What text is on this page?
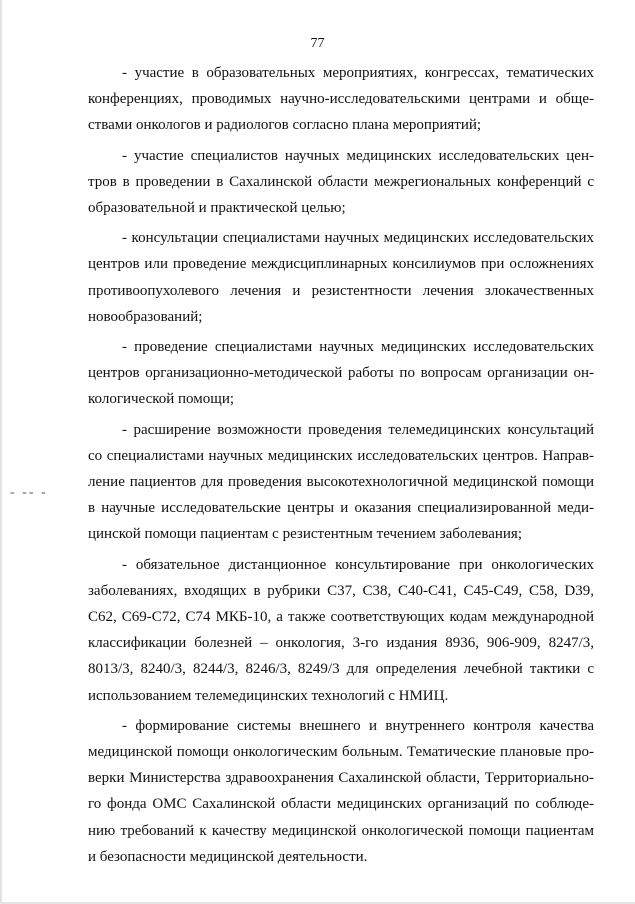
77
- -- -

- участие в образовательных мероприятиях, конгрессах, тематических конференциях, проводимых научно-исследовательскими центрами и обществами онкологов и радиологов согласно плана мероприятий;

- участие специалистов научных медицинских исследовательских центров в проведении в Сахалинской области межрегиональных конференций с образовательной и практической целью;

- консультации специалистами научных медицинских исследовательских центров или проведение междисциплинарных консилиумов при осложнениях противоопухолевого лечения и резистентности лечения злокачественных новообразований;

- проведение специалистами научных медицинских исследовательских центров организационно-методической работы по вопросам организации онкологической помощи;

- расширение возможности проведения телемедицинских консультаций со специалистами научных медицинских исследовательских центров. Направление пациентов для проведения высокотехнологичной медицинской помощи в научные исследовательские центры и оказания специализированной медицинской помощи пациентам с резистентным течением заболевания;

- обязательное дистанционное консультирование при онкологических заболеваниях, входящих в рубрики С37, С38, С40-С41, С45-С49, С58, D39, С62, С69-С72, С74 МКБ-10, а также соответствующих кодам международной классификации болезней – онкология, 3-го издания 8936, 906-909, 8247/3, 8013/3, 8240/3, 8244/3, 8246/3, 8249/3 для определения лечебной тактики с использованием телемедицинских технологий с НМИЦ.

- формирование системы внешнего и внутреннего контроля качества медицинской помощи онкологическим больным. Тематические плановые проверки Министерства здравоохранения Сахалинской области, Территориального фонда ОМС Сахалинской области медицинских организаций по соблюдению требований к качеству медицинской онкологической помощи пациентам и безопасности медицинской деятельности.
